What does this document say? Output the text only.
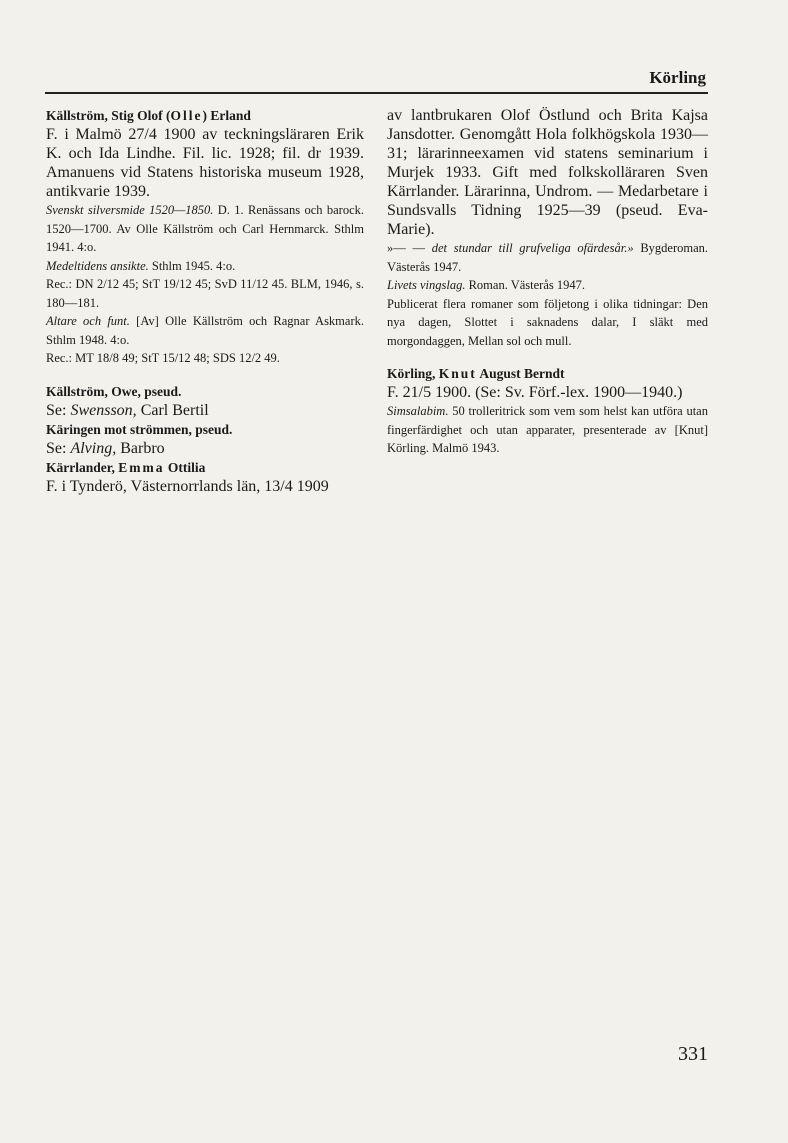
Körling
Källström, Stig Olof (Olle) Erland
F. i Malmö 27/4 1900 av teckningsläraren Erik K. och Ida Lindhe. Fil. lic. 1928; fil. dr 1939. Amanuens vid Statens historiska museum 1928, antikvarie 1939.
Svenskt silversmide 1520—1850. D. 1. Renässans och barock. 1520—1700. Av Olle Källström och Carl Hernmarck. Sthlm 1941. 4:o.
Medeltidens ansikte. Sthlm 1945. 4:o.
Rec.: DN 2/12 45; StT 19/12 45; SvD 11/12 45. BLM, 1946, s. 180—181.
Altare och funt. [Av] Olle Källström och Ragnar Askmark. Sthlm 1948. 4:o.
Rec.: MT 18/8 49; StT 15/12 48; SDS 12/2 49.
Källström, Owe, pseud.
Se: Swensson, Carl Bertil
Käringen mot strömmen, pseud.
Se: Alving, Barbro
Kärrlander, Emma Ottilia
F. i Tynderö, Västernorrlands län, 13/4 1909
av lantbrukaren Olof Östlund och Brita Kajsa Jansdotter. Genomgått Hola folkhögskola 1930—31; lärarinneexamen vid statens seminarium i Murjek 1933. Gift med folkskolläraren Sven Kärrlander. Lärarinna, Undrom. — Medarbetare i Sundsvalls Tidning 1925—39 (pseud. Eva-Marie).
»— — det stundar till grufveliga ofärdesår.» Bygderoman. Västerås 1947.
Livets vingslag. Roman. Västerås 1947.
Publicerat flera romaner som följetong i olika tidningar: Den nya dagen, Slottet i saknadens dalar, I släkt med morgondaggen, Mellan sol och mull.
Körling, Knut August Berndt
F. 21/5 1900. (Se: Sv. Förf.-lex. 1900—1940.)
Simsalabim. 50 trolleritrick som vem som helst kan utföra utan fingerfärdighet och utan apparater, presenterade av [Knut] Körling. Malmö 1943.
331
